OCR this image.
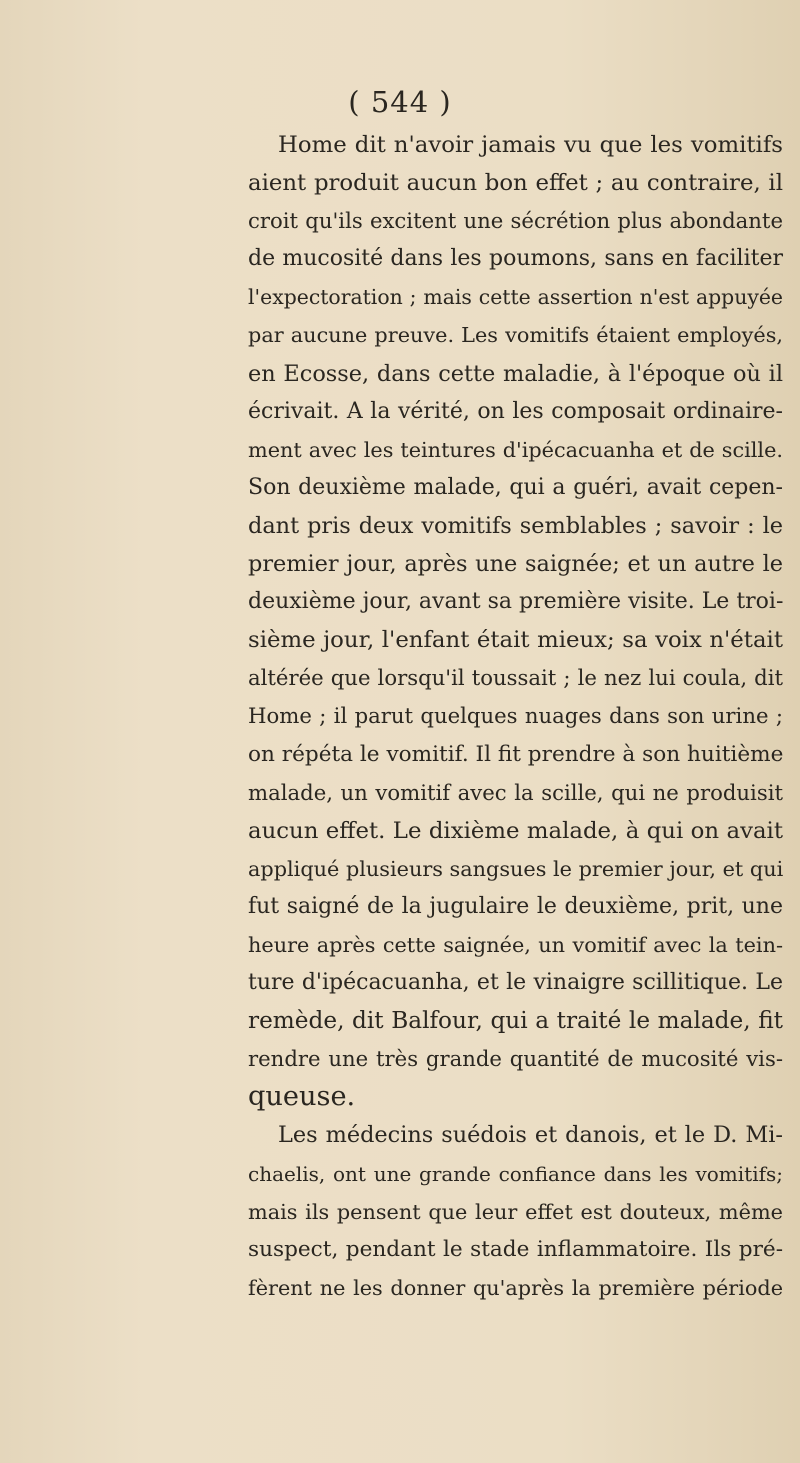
( 544 )
Home dit n'avoir jamais vu que les vomitifs
aient produit aucun bon effet ; au contraire, il
croit qu'ils excitent une sécrétion plus abondante
de mucosité dans les poumons, sans en faciliter
l'expectoration ; mais cette assertion n'est appuyée
par aucune preuve. Les vomitifs étaient employés,
en Ecosse, dans cette maladie, à l'époque où il
écrivait. A la vérité, on les composait ordinaire-
ment avec les teintures d'ipécacuanha et de scille.
Son deuxième malade, qui a guéri, avait cepen-
dant pris deux vomitifs semblables ; savoir : le
premier jour, après une saignée; et un autre le
deuxième jour, avant sa première visite. Le troi-
sième jour, l'enfant était mieux; sa voix n'était
altérée que lorsqu'il toussait ; le nez lui coula, dit
Home ; il parut quelques nuages dans son urine ;
on répéta le vomitif. Il fit prendre à son huitième
malade, un vomitif avec la scille, qui ne produisit
aucun effet. Le dixième malade, à qui on avait
appliqué plusieurs sangsues le premier jour, et qui
fut saigné de la jugulaire le deuxième, prit, une
heure après cette saignée, un vomitif avec la tein-
ture d'ipécacuanha, et le vinaigre scillitique. Le
remède, dit Balfour, qui a traité le malade, fit
rendre une très grande quantité de mucosité vis-
queuse.
Les médecins suédois et danois, et le D. Mi-
chaelis, ont une grande confiance dans les vomitifs;
mais ils pensent que leur effet est douteux, même
suspect, pendant le stade inflammatoire. Ils pré-
fèrent ne les donner qu'après la première période
